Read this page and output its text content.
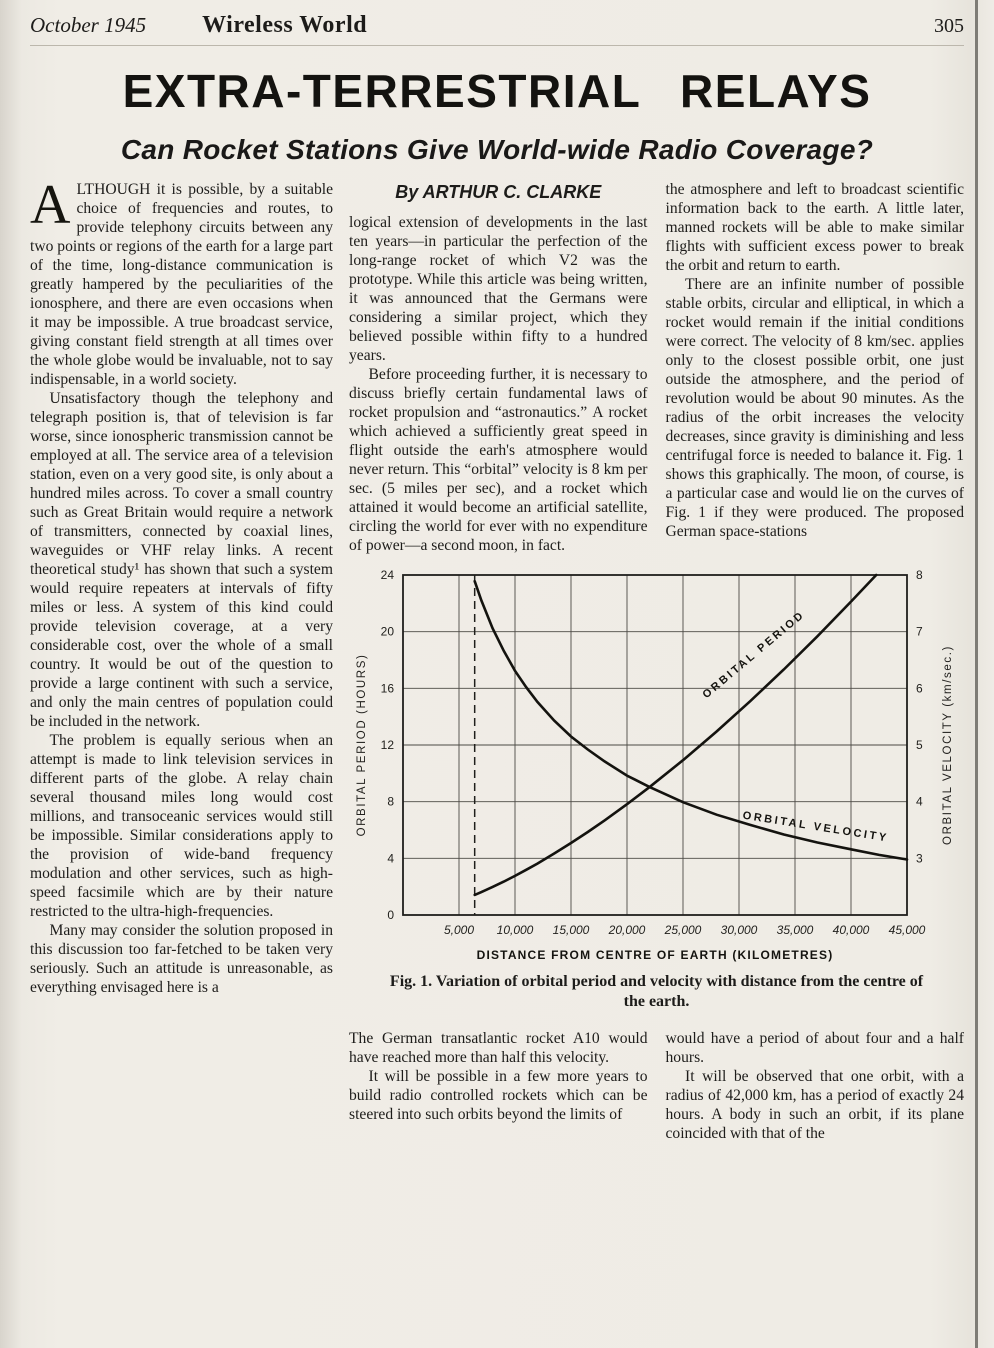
October 1945 Wireless World	305
EXTRA-TERRESTRIAL RELAYS
Can Rocket Stations Give World-wide Radio Coverage?

ALTHOUGH it is possible, by a suitable choice of frequencies and routes, to provide telephony circuits between any two points or regions of the earth for a large part of the time, long-distance communication is greatly hampered by the peculiarities of the ionosphere, and there are even occasions when it may be impossible. A true broadcast service, giving constant field strength at all times over the whole globe would be invaluable, not to say indispensable, in a world society.

Unsatisfactory though the telephony and telegraph position is, that of television is far worse, since ionospheric transmission cannot be employed at all. The service area of a television station, even on a very good site, is only about a hundred miles across. To cover a small country such as Great Britain would require a network of transmitters, connected by coaxial lines, waveguides or VHF relay links. A recent theoretical study¹ has shown that such a system would require repeaters at intervals of fifty miles or less. A system of this kind could provide television coverage, at a very considerable cost, over the whole of a small country. It would be out of the question to provide a large continent with such a service, and only the main centres of population could be included in the network.

The problem is equally serious when an attempt is made to link television services in different parts of the globe. A relay chain several thousand miles long would cost millions, and transoceanic services would still be impossible. Similar considerations apply to the provision of wide-band frequency modulation and other services, such as high-speed facsimile which are by their nature restricted to the ultra-high-frequencies.

Many may consider the solution proposed in this discussion too far-fetched to be taken very seriously. Such an attitude is unreasonable, as everything envisaged here is a

By ARTHUR C. CLARKE

logical extension of developments in the last ten years—in particular the perfection of the long-range rocket of which V2 was the prototype. While this article was being written, it was announced that the Germans were considering a similar project, which they believed possible within fifty to a hundred years.

Before proceeding further, it is necessary to discuss briefly certain fundamental laws of rocket propulsion and “astronautics.” A rocket which achieved a sufficiently great speed in flight outside the earh's atmosphere would never return. This “orbital” velocity is 8 km per sec. (5 miles per sec), and a rocket which attained it would become an artificial satellite, circling the world for ever with no expenditure of power—a second moon, in fact.

the atmosphere and left to broadcast scientific information back to the earth. A little later, manned rockets will be able to make similar flights with sufficient excess power to break the orbit and return to earth.

There are an infinite number of possible stable orbits, circular and elliptical, in which a rocket would remain if the initial conditions were correct. The velocity of 8 km/sec. applies only to the closest possible orbit, one just outside the atmosphere, and the period of revolution would be about 90 minutes. As the radius of the orbit increases the velocity decreases, since gravity is diminishing and less centrifugal force is needed to balance it. Fig. 1 shows this graphically. The moon, of course, is a particular case and would lie on the curves of Fig. 1 if they were produced. The proposed German space-stations

0
4
8
12
16
20
24
3
4
5
6
7
8
5,000 10,000 15,000 20,000 25,000 30,000 35,000 40,000 45,000
ORBITAL PERIOD (HOURS)	ORBITAL VELOCITY (km/sec.)
ORBITAL PERIOD
ORBITAL VELOCITY
DISTANCE FROM CENTRE OF EARTH (KILOMETRES)
Fig. 1. Variation of orbital period and velocity with distance from the centre of the earth.

The German transatlantic rocket A10 would have reached more than half this velocity.

It will be possible in a few more years to build radio controlled rockets which can be steered into such orbits beyond the limits of

would have a period of about four and a half hours.

It will be observed that one orbit, with a radius of 42,000 km, has a period of exactly 24 hours. A body in such an orbit, if its plane coincided with that of the
